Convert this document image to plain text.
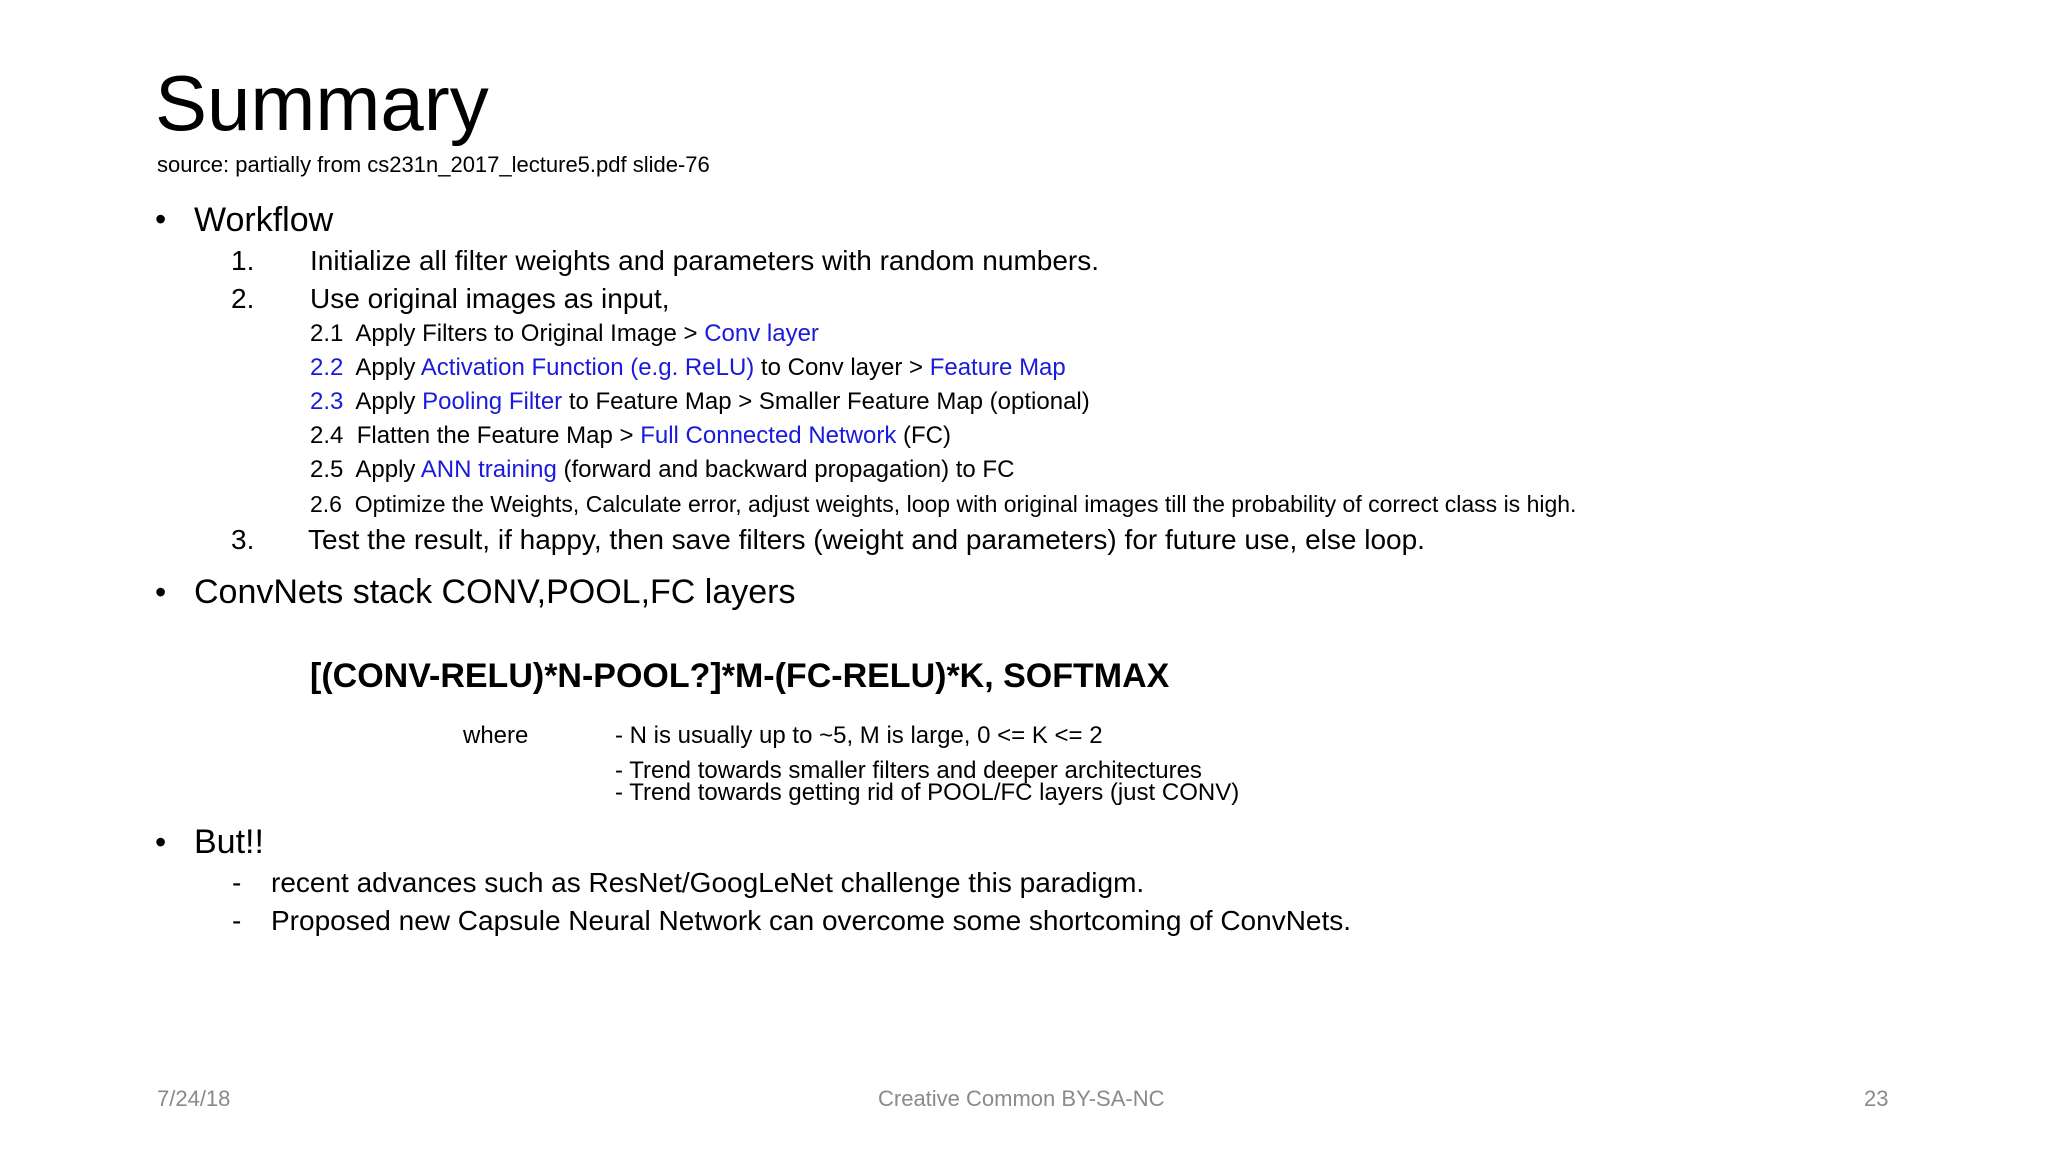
Summary
source: partially from cs231n_2017_lecture5.pdf slide-76
• Workflow
1. Initialize all filter weights and parameters with random numbers.
2. Use original images as input,
2.1 Apply Filters to Original Image > Conv layer
2.2 Apply Activation Function (e.g. ReLU) to Conv layer > Feature Map
2.3 Apply Pooling Filter to Feature Map > Smaller Feature Map (optional)
2.4 Flatten the Feature Map > Full Connected Network (FC)
2.5 Apply ANN training (forward and backward propagation) to FC
2.6 Optimize the Weights, Calculate error, adjust weights, loop with original images till the probability of correct class is high.
3. Test the result, if happy, then save filters (weight and parameters) for future use, else loop.
• ConvNets stack CONV,POOL,FC layers
[(CONV-RELU)*N-POOL?]*M-(FC-RELU)*K, SOFTMAX
where	- N is usually up to ~5, M is large, 0 <= K <= 2
- Trend towards smaller filters and deeper architectures
- Trend towards getting rid of POOL/FC layers (just CONV)
• But!!
- recent advances such as ResNet/GoogLeNet challenge this paradigm.
- Proposed new Capsule Neural Network can overcome some shortcoming of ConvNets.
7/24/18	Creative Common BY-SA-NC	23
